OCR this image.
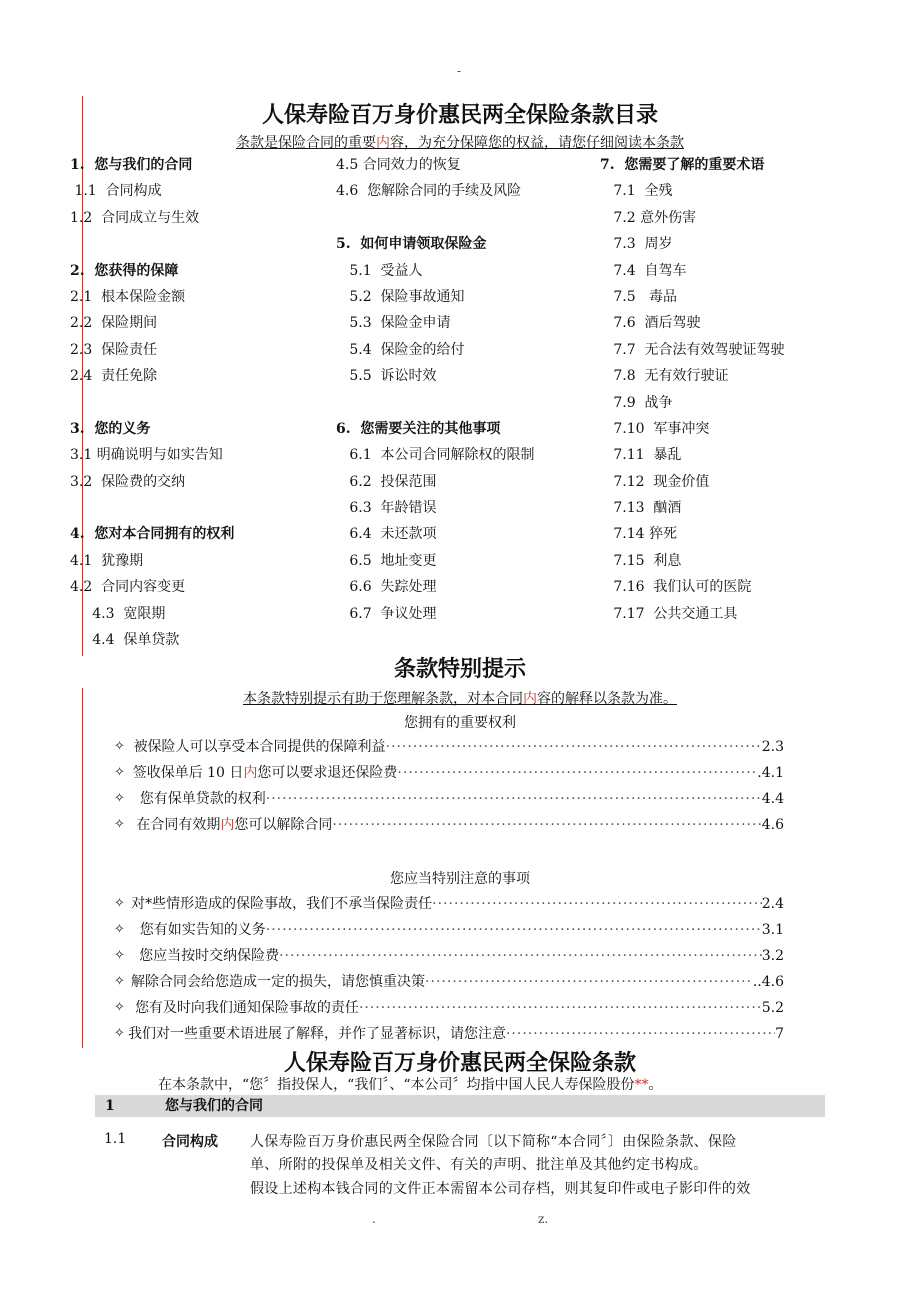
-
人保寿险百万身价惠民两全保险条款目录
条款是保险合同的重要内容，为充分保障您的权益，请您仔细阅读本条款
1.  您与我们的合同
1.1  合同构成
1.2  合同成立与生效
2.  您获得的保障
2.1  根本保险金额
2.2  保险期间
2.3  保险责任
2.4  责任免除
3.  您的义务
3.1 明确说明与如实告知
3.2  保险费的交纳
4.  您对本合同拥有的权利
4.1  犹豫期
4.2  合同内容变更
4.3  宽限期
4.4  保单贷款
4.5 合同效力的恢复
4.6  您解除合同的手续及风险
5.  如何申请领取保险金
5.1  受益人
5.2  保险事故通知
5.3  保险金申请
5.4  保险金的给付
5.5  诉讼时效
6.  您需要关注的其他事项
6.1  本公司合同解除权的限制
6.2  投保范围
6.3  年龄错误
6.4  未还款项
6.5  地址变更
6.6  失踪处理
6.7  争议处理
7.  您需要了解的重要术语
7.1  全残
7.2 意外伤害
7.3  周岁
7.4  自驾车
7.5   毒品
7.6  酒后驾驶
7.7  无合法有效驾驶证驾驶
7.8  无有效行驶证
7.9  战争
7.10  军事冲突
7.11  暴乱
7.12  现金价值
7.13  酗酒
7.14 猝死
7.15  利息
7.16  我们认可的医院
7.17  公共交通工具
条款特别提示
本条款特别提示有助于您理解条款，对本合同内容的解释以条款为准。
您拥有的重要权利
✧ 被保险人可以享受本合同提供的保障利益 ·····	2.3
✧ 签收保单后 10 日内您可以要求退还保险费 ·····	.4.1
✧	您有保单贷款的权利 ·····	4.4
✧ 在合同有效期内您可以解除合同 ·····	4.6
您应当特别注意的事项
✧ 对*些情形造成的保险事故，我们不承当保险责任 ·····	2.4
✧	您有如实告知的义务 ·····	3.1
✧	您应当按时交纳保险费 ·····	3.2
✧ 解除合同会给您造成一定的损失，请您慎重决策 ·····	..4.6
✧ 您有及时向我们通知保险事故的责任 ·····	5.2
✧ 我们对一些重要术语进展了解释，并作了显著标识，请您注意 ·····	7
人保寿险百万身价惠民两全保险条款
在本条款中，“您〞指投保人，“我们〞、“本公司〞均指中国人民人寿保险股份**。
1	您与我们的合同
1.1	合同构成 人保寿险百万身价惠民两全保险合同〔以下简称“本合同〞〕由保险条款、保险
单、所附的投保单及相关文件、有关的声明、批注单及其他约定书构成。
假设上述构本钱合同的文件正本需留本公司存档，则其复印件或电子影印件的效
.	z.
